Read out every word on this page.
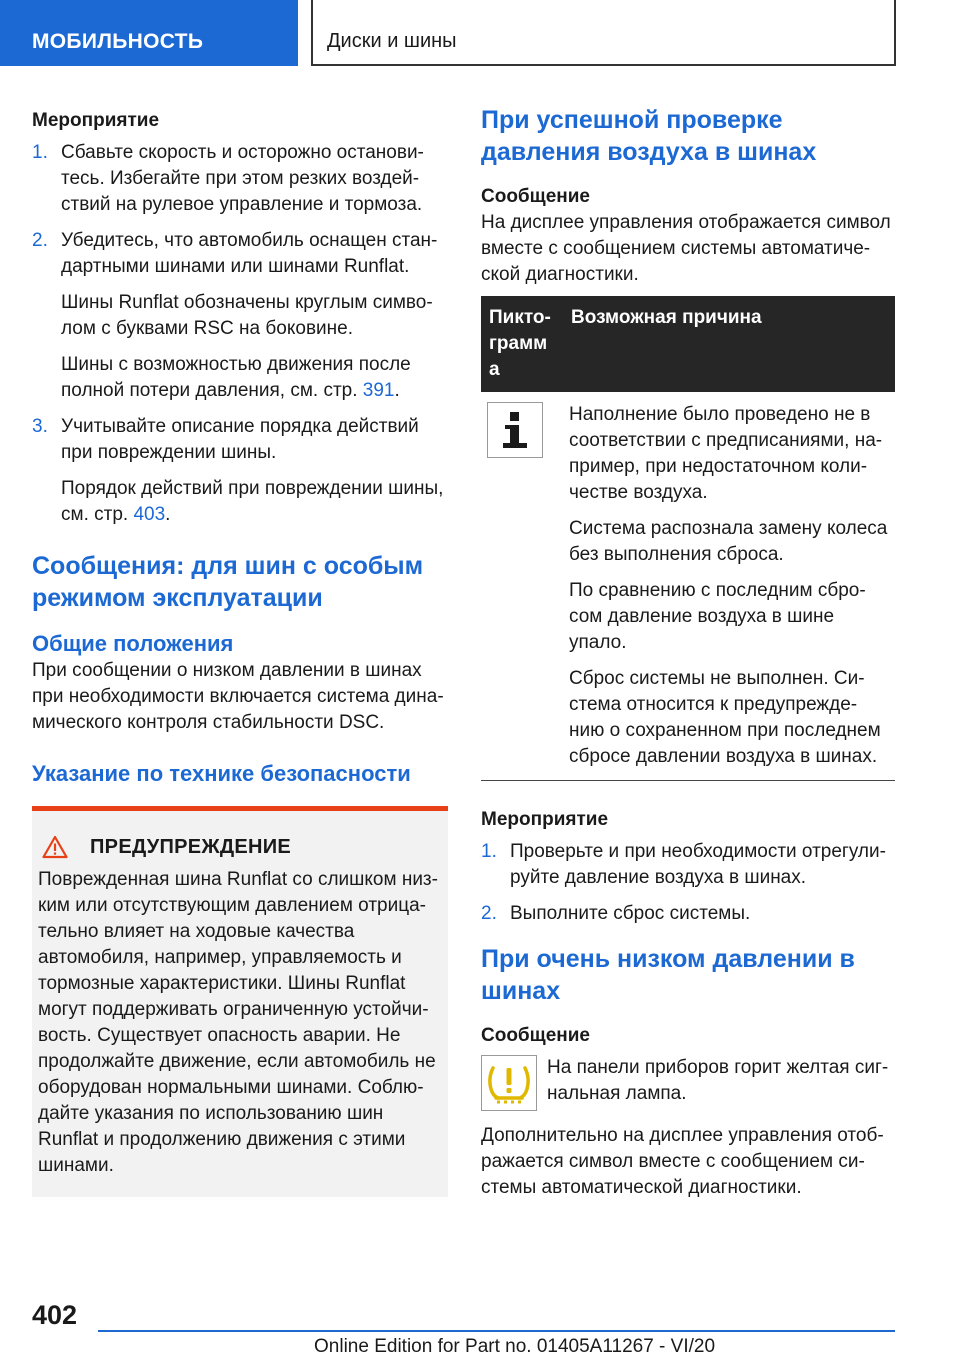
МОБИЛЬНОСТЬ	Диски и шины
Мероприятие
1. Сбавьте скорость и осторожно останови-тесь. Избегайте при этом резких воздей-ствий на рулевое управление и тормоза.

2. Убедитесь, что автомобиль оснащен стан-дартными шинами или шинами Runflat.

Шины Runflat обозначены круглым симво-лом с буквами RSC на боковине.

Шины с возможностью движения после полной потери давления, см. стр. 391.

3. Учитывайте описание порядка действий при повреждении шины.

Порядок действий при повреждении шины, см. стр. 403.

Сообщения: для шин с особым режимом эксплуатации
Общие положения

При сообщении о низком давлении в шинах при необходимости включается система дина-мического контроля стабильности DSC.

Указание по технике безопасности
ПРЕДУПРЕЖДЕНИЕ

Поврежденная шина Runflat со слишком низ-ким или отсутствующим давлением отрица-тельно влияет на ходовые качества автомобиля, например, управляемость и тормозные характеристики. Шины Runflat могут поддерживать ограниченную устойчи-вость. Существует опасность аварии. Не продолжайте движение, если автомобиль не оборудован нормальными шинами. Соблю-дайте указания по использованию шин Runflat и продолжению движения с этими шинами.

При успешной проверке давления воздуха в шинах
Сообщение

На дисплее управления отображается символ вместе с сообщением системы автоматиче-ской диагностики.

Пикто-грамм а	Возможная причина

Наполнение было проведено не в соответствии с предписаниями, на-пример, при недостаточном коли-честве воздуха.

Система распознала замену колеса без выполнения сброса.

По сравнению с последним сбро-сом давление воздуха в шине упало.

Сброс системы не выполнен. Си-стема относится к предупрежде-нию о сохраненном при последнем сбросе давлении воздуха в шинах.

Мероприятие
1. Проверьте и при необходимости отрегули-руйте давление воздуха в шинах.

2. Выполните сброс системы.

При очень низком давлении в шинах
Сообщение

На панели приборов горит желтая сиг-нальная лампа.

Дополнительно на дисплее управления отоб-ражается символ вместе с сообщением си-стемы автоматической диагностики.

402
Online Edition for Part no. 01405A11267 - VI/20
